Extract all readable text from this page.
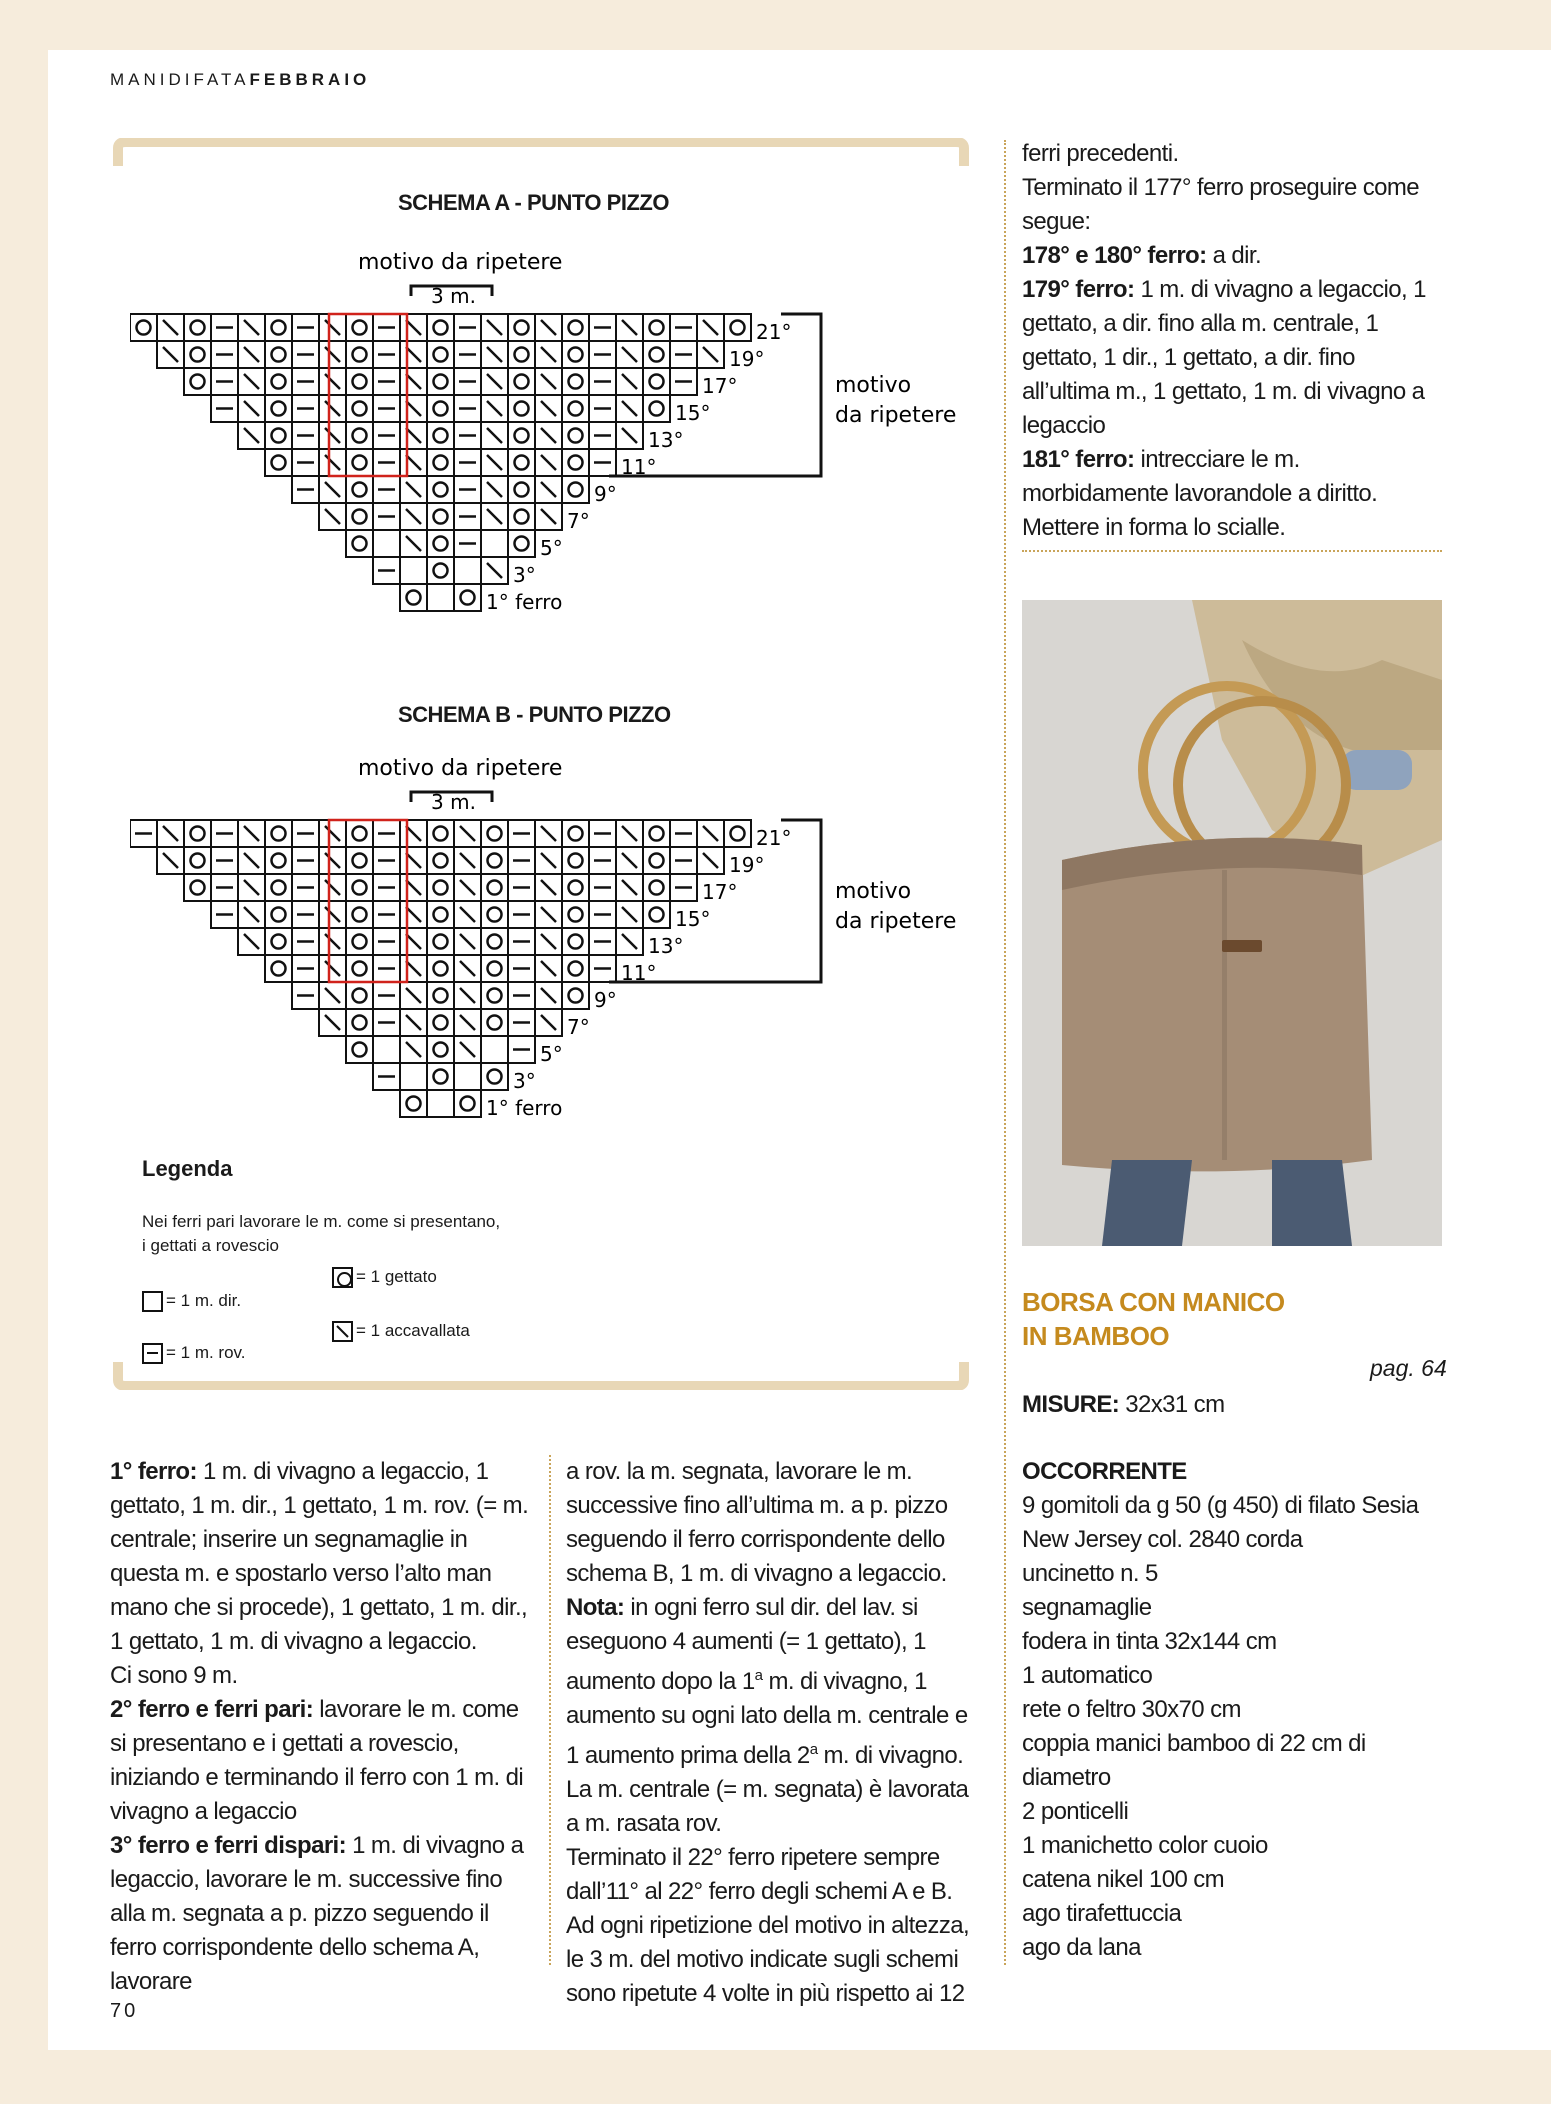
MANIDIFATAFEBBRAIO
SCHEMA A - PUNTO PIZZO
motivo da ripetere
3 m.
motivo
da ripetere
21°
19°
17°
15°
13°
11°
9°
7°
5°
3°
1° ferro
SCHEMA B - PUNTO PIZZO
motivo da ripetere
3 m.
motivo
da ripetere
21°
19°
17°
15°
13°
11°
9°
7°
5°
3°
1° ferro
Legenda
Nei ferri pari lavorare le m. come si presentano,
i gettati a rovescio
= 1 m. dir.
= 1 m. rov.
= 1 gettato
= 1 accavallata

ferri precedenti.

Terminato il 177° ferro proseguire come segue:

178° e 180° ferro: a dir.

179° ferro: 1 m. di vivagno a legaccio, 1 gettato, a dir. fino alla m. centrale, 1 gettato, 1 dir., 1 gettato, a dir. fino all’ultima m., 1 gettato, 1 m. di vivagno a legaccio

181° ferro: intrecciare le m. morbidamente lavorandole a diritto.

Mettere in forma lo scialle.

BORSA CON MANICO
IN BAMBOO
pag. 64
MISURE: 32x31 cm

OCCORRENTE

9 gomitoli da g 50 (g 450) di filato Sesia New Jersey col. 2840 corda

uncinetto n. 5

segnamaglie

fodera in tinta 32x144 cm

1 automatico

rete o feltro 30x70 cm

coppia manici bamboo di 22 cm di diametro

2 ponticelli

1 manichetto color cuoio

catena nikel 100 cm

ago tirafettuccia

ago da lana

1° ferro: 1 m. di vivagno a legaccio, 1 gettato, 1 m. dir., 1 gettato, 1 m. rov. (= m. centrale; inserire un segnamaglie in questa m. e spostarlo verso l’alto man mano che si procede), 1 gettato, 1 m. dir., 1 gettato, 1 m. di vivagno a legaccio.

Ci sono 9 m.

2° ferro e ferri pari: lavorare le m. come si presentano e i gettati a rovescio, iniziando e terminando il ferro con 1 m. di vivagno a legaccio

3° ferro e ferri dispari: 1 m. di vivagno a legaccio, lavorare le m. successive fino alla m. segnata a p. pizzo seguendo il ferro corrispondente dello schema A, lavorare

a rov. la m. segnata, lavorare le m. successive fino all’ultima m. a p. pizzo seguendo il ferro corrispondente dello schema B, 1 m. di vivagno a legaccio.

Nota: in ogni ferro sul dir. del lav. si eseguono 4 aumenti (= 1 gettato), 1 aumento dopo la 1$^a$ m. di vivagno, 1 aumento su ogni lato della m. centrale e 1 aumento prima della 2$^a$ m. di vivagno. La m. centrale (= m. segnata) è lavorata a m. rasata rov.

Terminato il 22° ferro ripetere sempre dall’11° al 22° ferro degli schemi A e B.

Ad ogni ripetizione del motivo in altezza, le 3 m. del motivo indicate sugli schemi sono ripetute 4 volte in più rispetto ai 12

70
